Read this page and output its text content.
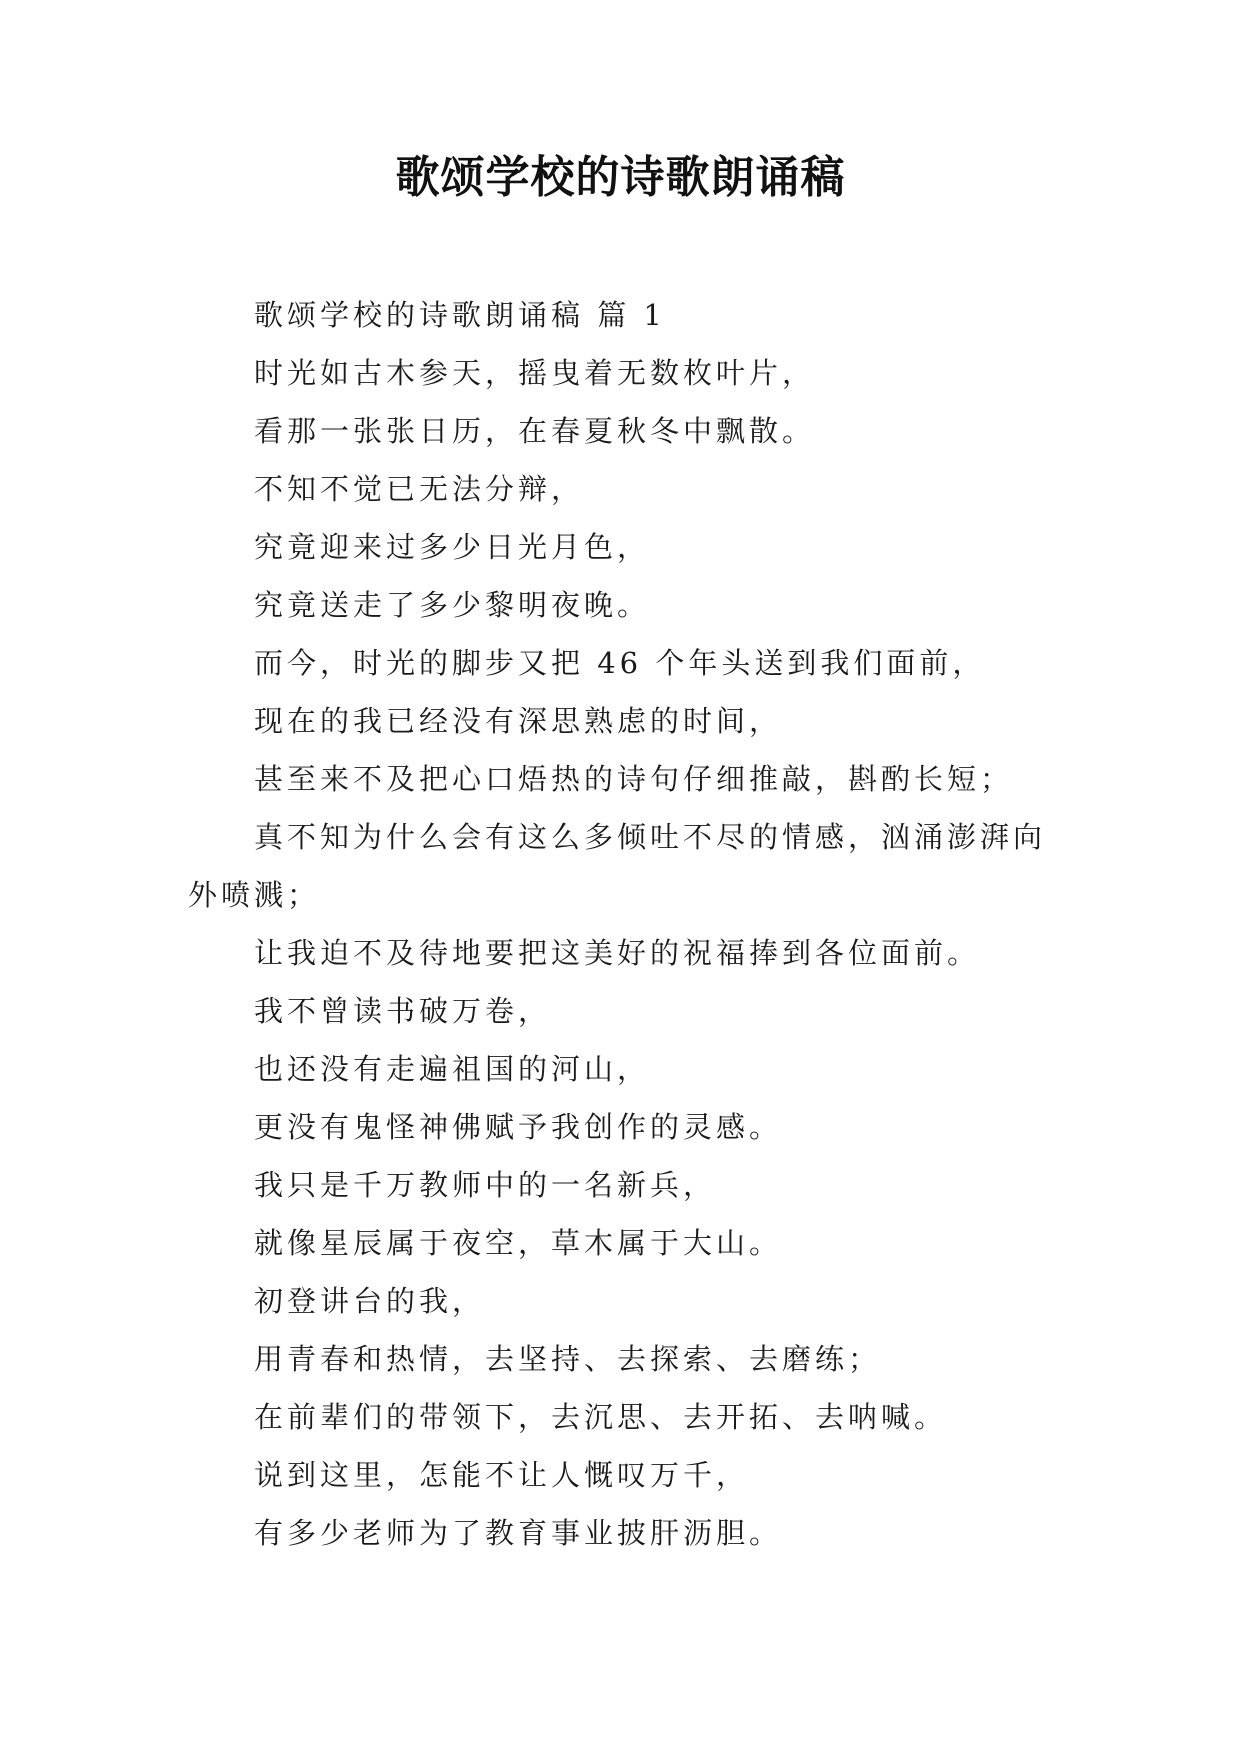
歌颂学校的诗歌朗诵稿

歌颂学校的诗歌朗诵稿 篇 1

时光如古木参天，摇曳着无数枚叶片，

看那一张张日历，在春夏秋冬中飘散。

不知不觉已无法分辩，

究竟迎来过多少日光月色，

究竟送走了多少黎明夜晚。

而今，时光的脚步又把 46 个年头送到我们面前，

现在的我已经没有深思熟虑的时间，

甚至来不及把心口焐热的诗句仔细推敲，斟酌长短；

真不知为什么会有这么多倾吐不尽的情感，汹涌澎湃向外喷溅；

让我迫不及待地要把这美好的祝福捧到各位面前。

我不曾读书破万卷，

也还没有走遍祖国的河山，

更没有鬼怪神佛赋予我创作的灵感。

我只是千万教师中的一名新兵，

就像星辰属于夜空，草木属于大山。

初登讲台的我，

用青春和热情，去坚持、去探索、去磨练；

在前辈们的带领下，去沉思、去开拓、去呐喊。

说到这里，怎能不让人慨叹万千，

有多少老师为了教育事业披肝沥胆。
